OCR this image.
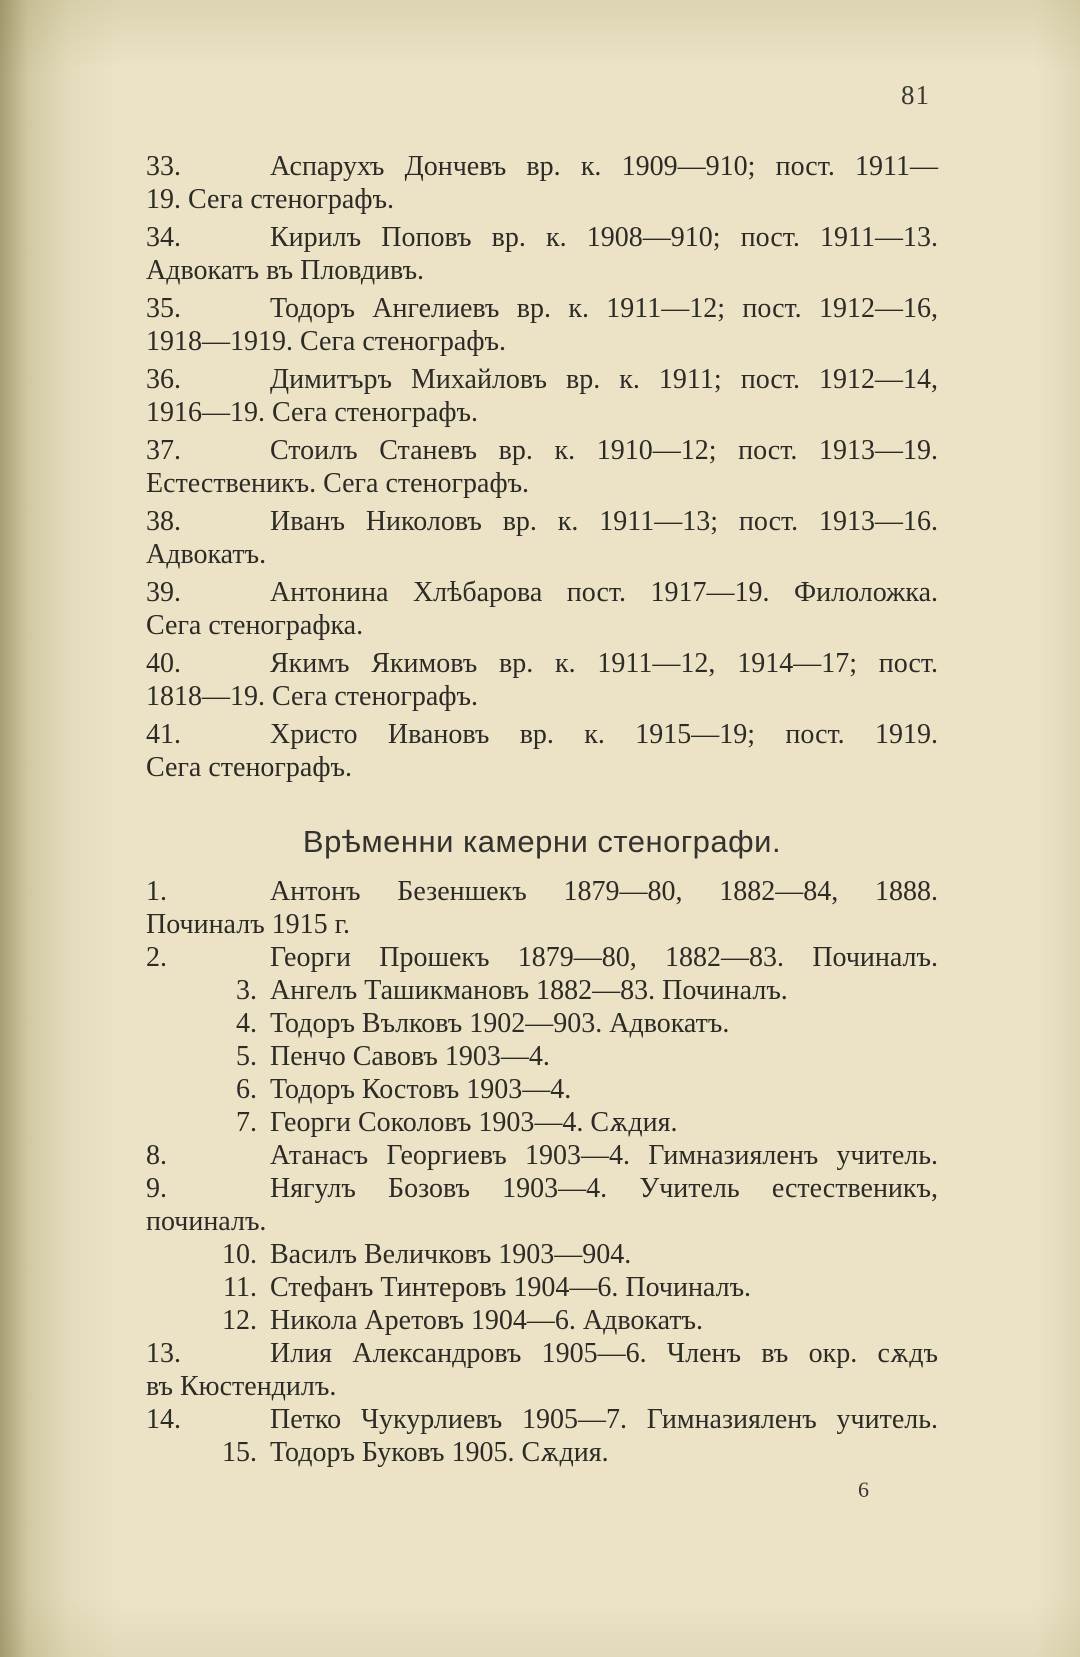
81
33.	Аспарухъ Дончевъ вр. к. 1909—910; пост. 1911—
19. Сега стенографъ.
34.	Кирилъ Поповъ вр. к. 1908—910; пост. 1911—13.
Адвокатъ въ Пловдивъ.
35.	Тодоръ Ангелиевъ вр. к. 1911—12; пост. 1912—16,
1918—1919. Сега стенографъ.
36.	Димитъръ Михайловъ вр. к. 1911; пост. 1912—14,
1916—19. Сега стенографъ.
37.	Стоилъ Станевъ вр. к. 1910—12; пост. 1913—19.
Естественикъ. Сега стенографъ.
38.	Иванъ Николовъ вр. к. 1911—13; пост. 1913—16.
Адвокатъ.
39.	Антонина Хлѣбарова пост. 1917—19. Филоложка.
Сега стенографка.
40.	Якимъ Якимовъ вр. к. 1911—12, 1914—17; пост.
1818—19. Сега стенографъ.
41.	Христо Ивановъ вр. к. 1915—19; пост. 1919.
Сега стенографъ.
Врѣменни камерни стенографи.
1.	Антонъ Безеншекъ 1879—80, 1882—84, 1888.
Починалъ 1915 г.
2.	Георги Прошекъ 1879—80, 1882—83. Починалъ.
3. Ангелъ Ташикмановъ 1882—83. Починалъ.
4. Тодоръ Вълковъ 1902—903. Адвокатъ.
5. Пенчо Савовъ 1903—4.
6. Тодоръ Костовъ 1903—4.
7. Георги Соколовъ 1903—4. Сѫдия.
8.	Атанасъ Георгиевъ 1903—4. Гимназияленъ учитель.
9.	Нягулъ Бозовъ 1903—4. Учитель естественикъ,
починалъ.
10. Василъ Величковъ 1903—904.
11. Стефанъ Тинтеровъ 1904—6. Починалъ.
12. Никола Аретовъ 1904—6. Адвокатъ.
13.	Илия Александровъ 1905—6. Членъ въ окр. сѫдъ
въ Кюстендилъ.
14.	Петко Чукурлиевъ 1905—7. Гимназияленъ учитель.
15. Тодоръ Буковъ 1905. Сѫдия.
6
